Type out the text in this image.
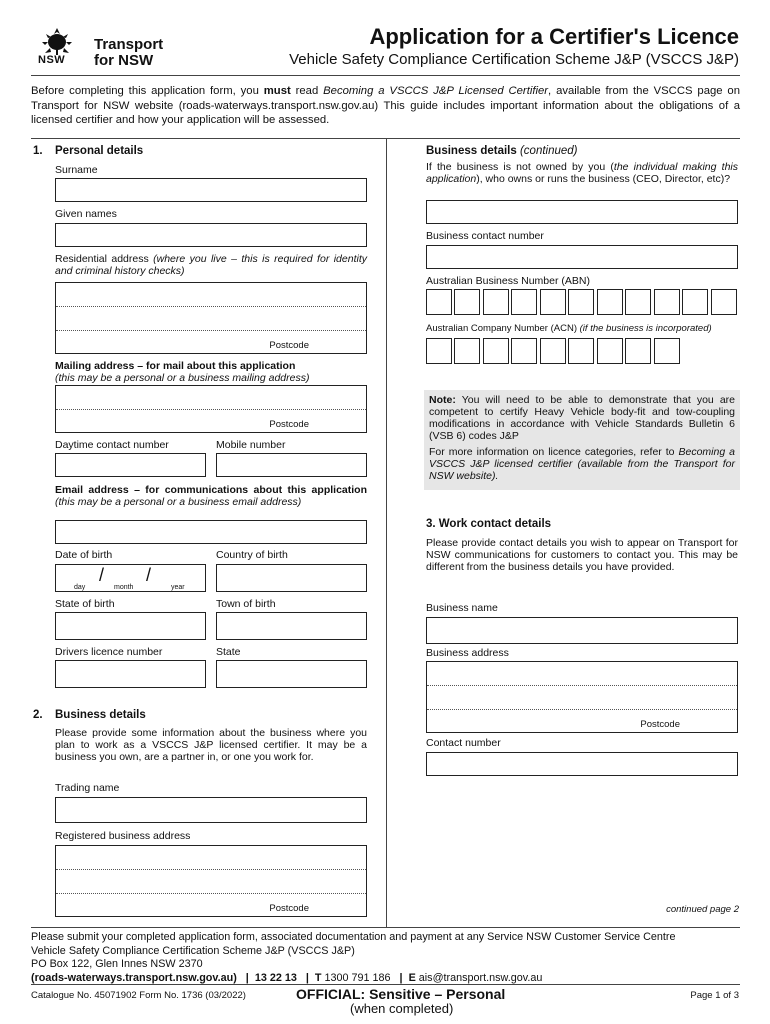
NSW
Transport
for NSW
Application for a Certifier's Licence
Vehicle Safety Compliance Certification Scheme J&P (VSCCS J&P)
Before completing this application form, you must read Becoming a VSCCS J&P Licensed Certifier, available from the VSCCS page on Transport for NSW website (roads-waterways.transport.nsw.gov.au) This guide includes important information about the obligations of a licensed certifier and how your application will be assessed.
1. Personal details
Surname
Given names
Residential address (where you live – this is required for identity and criminal history checks)
Postcode
Mailing address – for mail about this application
(this may be a personal or a business mailing address)
Postcode
Daytime contact number	Mobile number
Email address – for communications about this application (this may be a personal or a business email address)
Date of birth	Country of birth
/ /
day	month	year
State of birth	Town of birth
Drivers licence number	State
2. Business details
Please provide some information about the business where you plan to work as a VSCCS J&P licensed certifier. It may be a business you own, are a partner in, or one you work for.
Trading name
Registered business address
Postcode
Business details (continued)
If the business is not owned by you (the individual making this application), who owns or runs the business (CEO, Director, etc)?
Business contact number
Australian Business Number (ABN)
Australian Company Number (ACN) (if the business is incorporated)
Note: You will need to be able to demonstrate that you are competent to certify Heavy Vehicle body-fit and tow-coupling modifications in accordance with Vehicle Standards Bulletin 6 (VSB 6) codes J&P
For more information on licence categories, refer to Becoming a VSCCS J&P licensed certifier (available from the Transport for NSW website).
3. Work contact details
Please provide contact details you wish to appear on Transport for NSW communications for customers to contact you. This may be different from the business details you have provided.
Business name
Business address
Postcode
Contact number
continued page 2
Please submit your completed application form, associated documentation and payment at any Service NSW Customer Service Centre
Vehicle Safety Compliance Certification Scheme J&P (VSCCS J&P)
PO Box 122, Glen Innes NSW 2370
(roads-waterways.transport.nsw.gov.au) | 13 22 13 | T 1300 791 186 | E ais@transport.nsw.gov.au
Catalogue No. 45071902 Form No. 1736 (03/2022)	OFFICIAL: Sensitive – Personal
(when completed)
Page 1 of 3
